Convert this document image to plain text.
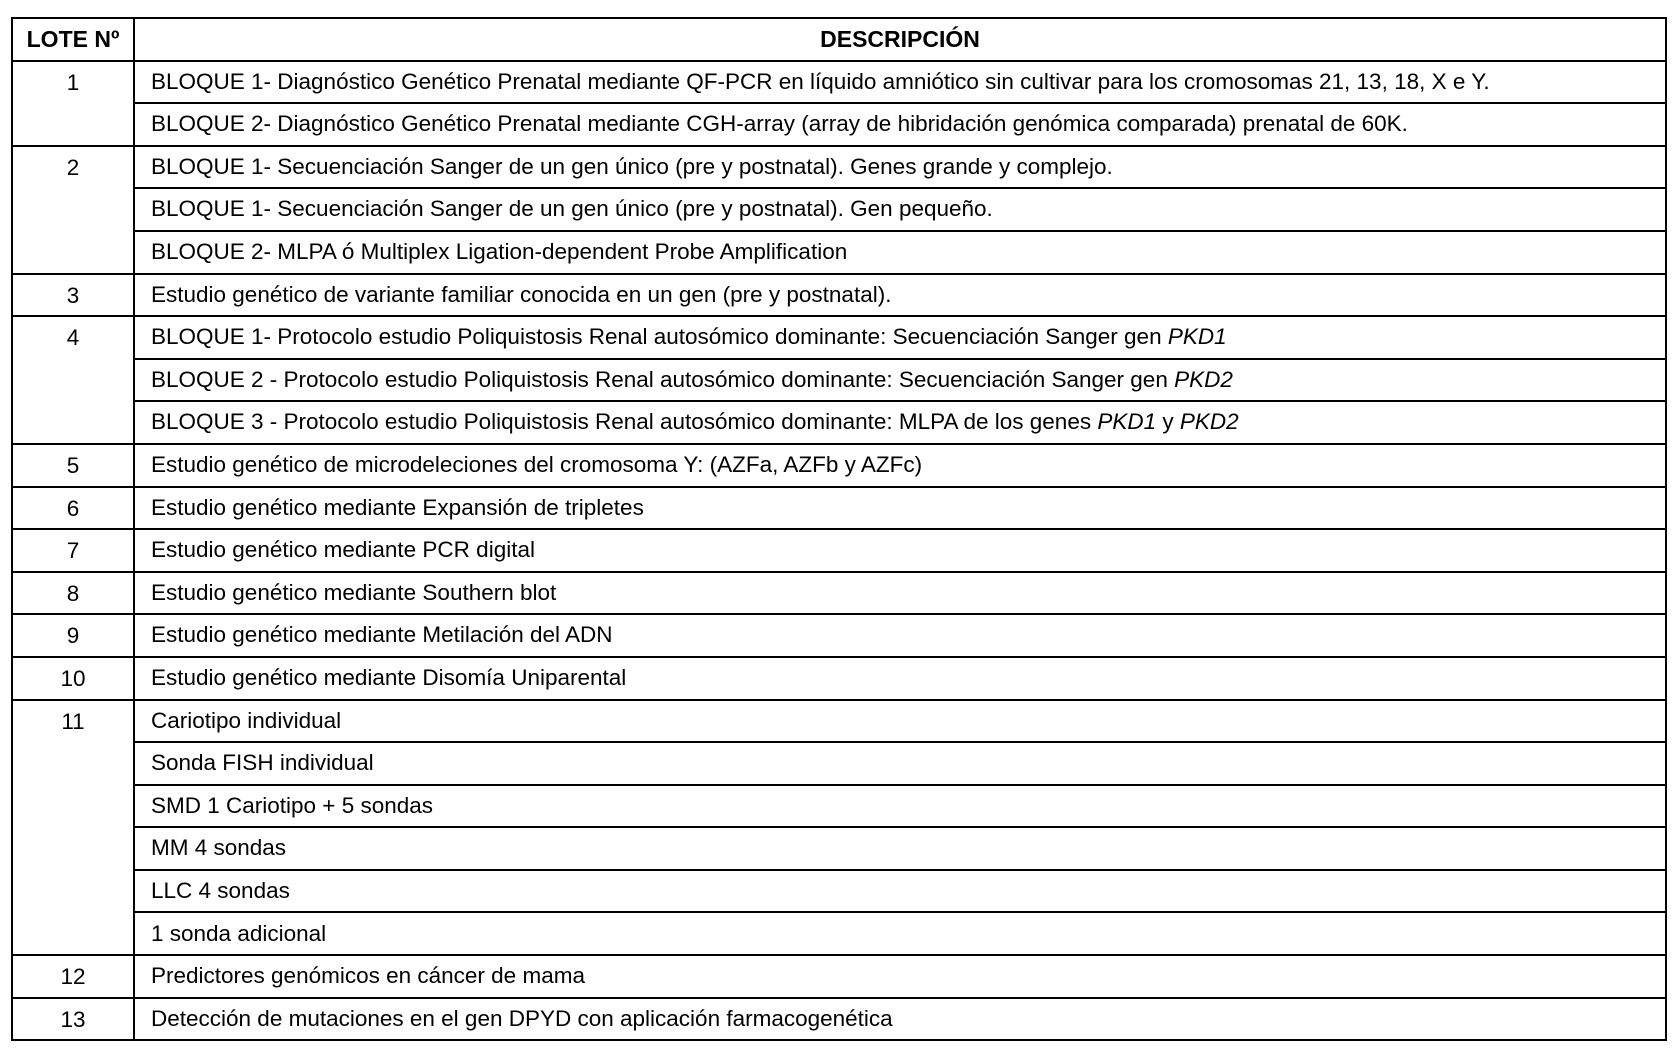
LOTE Nº	DESCRIPCIÓN
1	BLOQUE 1- Diagnóstico Genético Prenatal mediante QF-PCR en líquido amniótico sin cultivar para los cromosomas 21, 13, 18, X e Y.
	BLOQUE 2- Diagnóstico Genético Prenatal mediante CGH-array (array de hibridación genómica comparada) prenatal de 60K.
2	BLOQUE 1- Secuenciación Sanger de un gen único (pre y postnatal). Genes grande y complejo.
	BLOQUE 1- Secuenciación Sanger de un gen único (pre y postnatal). Gen pequeño.
	BLOQUE 2- MLPA ó Multiplex Ligation-dependent Probe Amplification
3	Estudio genético de variante familiar conocida en un gen (pre y postnatal).
4	BLOQUE 1- Protocolo estudio Poliquistosis Renal autosómico dominante: Secuenciación Sanger gen PKD1
	BLOQUE 2 - Protocolo estudio Poliquistosis Renal autosómico dominante: Secuenciación Sanger gen PKD2
	BLOQUE 3 - Protocolo estudio Poliquistosis Renal autosómico dominante: MLPA de los genes PKD1 y PKD2
5	Estudio genético de microdeleciones del cromosoma Y: (AZFa, AZFb y AZFc)
6	Estudio genético mediante Expansión de tripletes
7	Estudio genético mediante PCR digital
8	Estudio genético mediante Southern blot
9	Estudio genético mediante Metilación del ADN
10	Estudio genético mediante Disomía Uniparental
11	Cariotipo individual
	Sonda FISH individual
	SMD 1 Cariotipo + 5 sondas
	MM 4 sondas
	LLC 4 sondas
	1 sonda adicional
12	Predictores genómicos en cáncer de mama
13	Detección de mutaciones en el gen DPYD con aplicación farmacogenética
